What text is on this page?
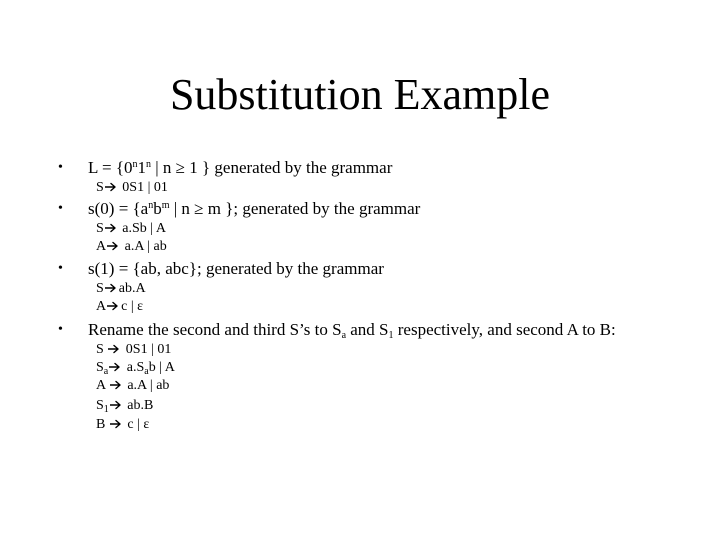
Substitution Example
• $L = \{0^n1^n$ | n ≥ 1 } generated by the grammar
S
0S1 | 01
• $s(0) = \{a^nb^m$ | n ≥ m }; generated by the grammar
S
a.Sb | A
A
a.A | ab
• s(1) = {ab, abc}; generated by the grammar
S ab.A
A c | ε
• Rename the second and third S’s to $S_a$ and $S_1$ respectively, and second A to B:
S
0S1 | 01
$S_a$
$a.S_ab$ | A
A
a.A | ab
$S_1$
ab.B
B
c | ε
